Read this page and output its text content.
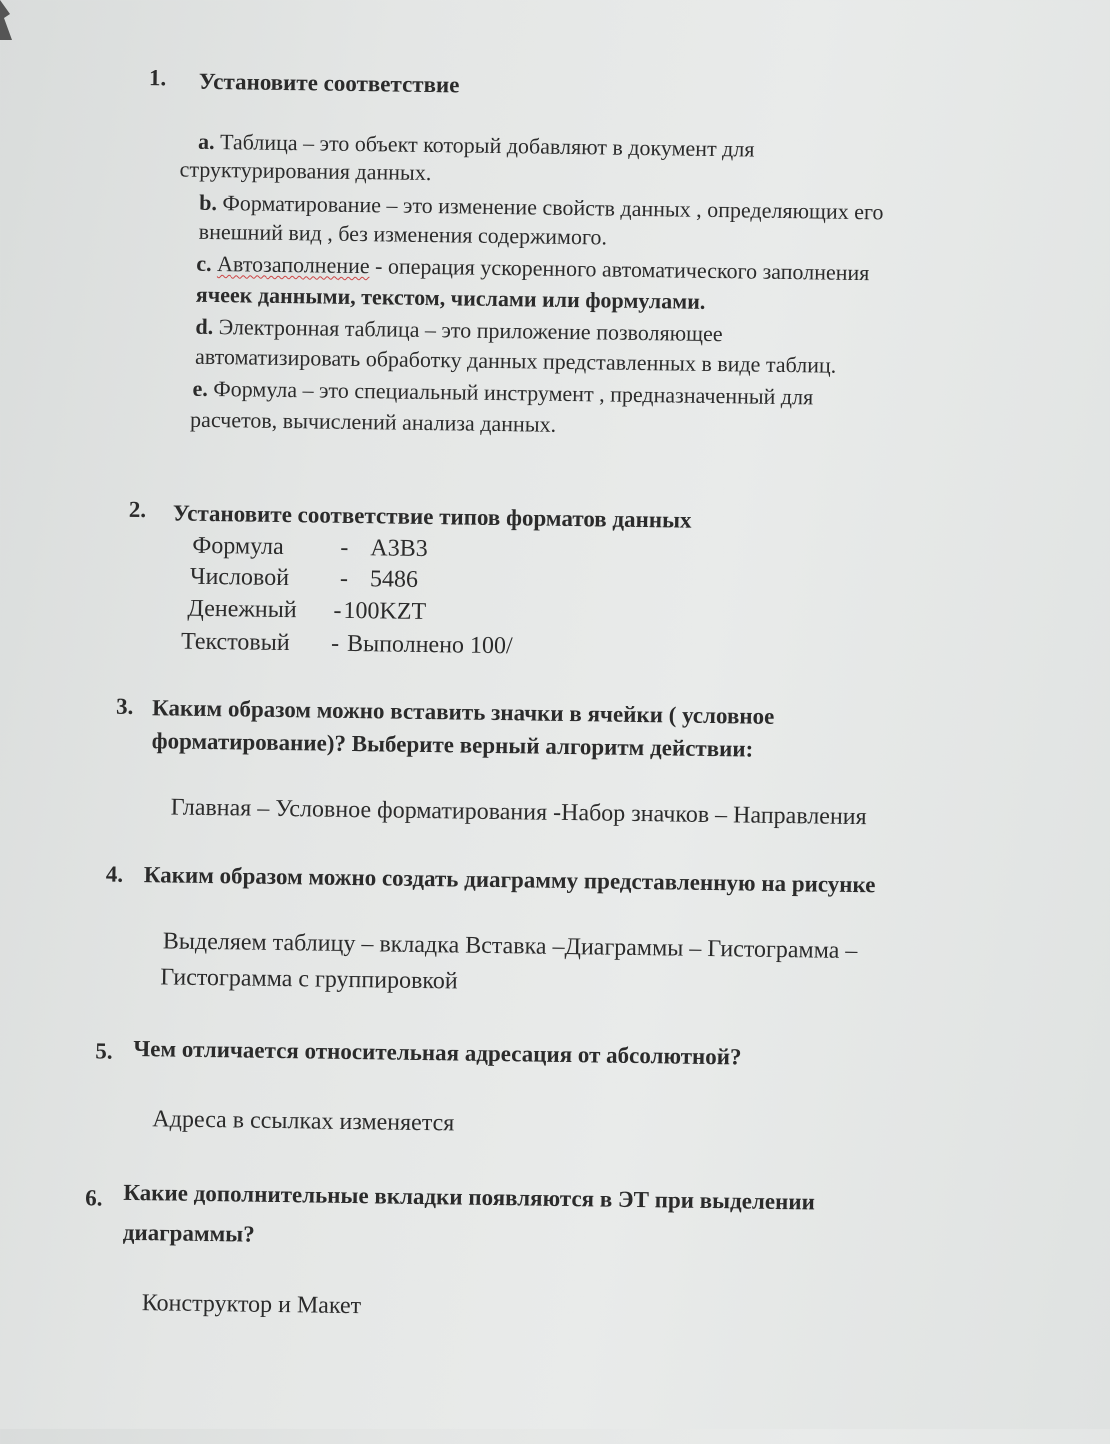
1. Установите соответствие
a. Таблица – это объект который добавляют в документ для
структурирования данных.
b. Форматирование – это изменение свойств данных , определяющих его
внешний вид , без изменения содержимого.
c. Автозаполнение - операция ускоренного автоматического заполнения
ячеек данными, текстом, числами или формулами.
d. Электронная таблица – это приложение позволяющее
автоматизировать обработку данных представленных в виде таблиц.
e. Формула – это специальный инструмент , предназначенный для
расчетов, вычислений анализа данных.
2. Установите соответствие типов форматов данных
Формула - A3B3
Числовой - 5486
Денежный - 100KZT
Текстовый - Выполнено 100/
3. Каким образом можно вставить значки в ячейки ( условное
форматирование)? Выберите верный алгоритм действии:
Главная – Условное форматирования -Набор значков – Направления
4. Каким образом можно создать диаграмму представленную на рисунке
Выделяем таблицу – вкладка Вставка –Диаграммы – Гистограмма –
Гистограмма с группировкой
5. Чем отличается относительная адресация от абсолютной?
Адреса в ссылках изменяется
6. Какие дополнительные вкладки появляются в ЭТ при выделении
диаграммы?
Конструктор и Макет
